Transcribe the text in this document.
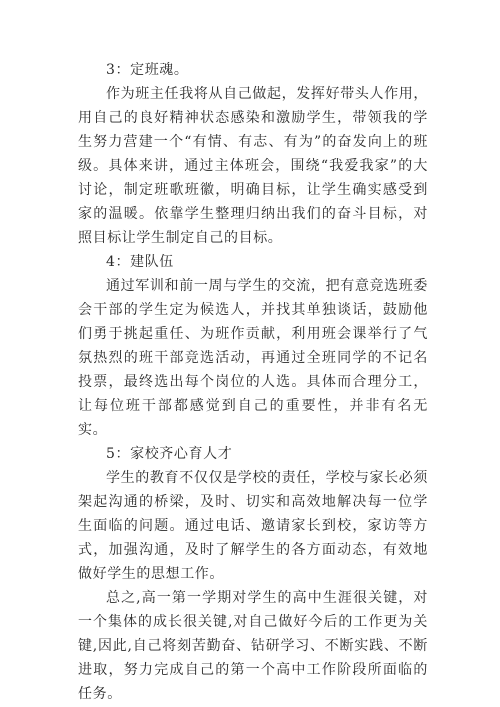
3：定班魂。

作为班主任我将从自己做起，发挥好带头人作用，用自己的良好精神状态感染和激励学生，带领我的学生努力营建一个“有情、有志、有为”的奋发向上的班级。具体来讲，通过主体班会，围绕“我爱我家”的大讨论，制定班歌班徽，明确目标，让学生确实感受到家的温暖。依靠学生整理归纳出我们的奋斗目标，对照目标让学生制定自己的目标。

4：建队伍

通过军训和前一周与学生的交流，把有意竞选班委会干部的学生定为候选人，并找其单独谈话，鼓励他们勇于挑起重任、为班作贡献，利用班会课举行了气氛热烈的班干部竞选活动，再通过全班同学的不记名投票，最终选出每个岗位的人选。具体而合理分工，让每位班干部都感觉到自己的重要性，并非有名无实。

5：家校齐心育人才

学生的教育不仅仅是学校的责任，学校与家长必须架起沟通的桥梁，及时、切实和高效地解决每一位学生面临的问题。通过电话、邀请家长到校，家访等方式，加强沟通，及时了解学生的各方面动态，有效地做好学生的思想工作。

总之,高一第一学期对学生的高中生涯很关键，对一个集体的成长很关键,对自己做好今后的工作更为关键,因此,自己将刻苦勤奋、钻研学习、不断实践、不断进取，努力完成自己的第一个高中工作阶段所面临的任务。
